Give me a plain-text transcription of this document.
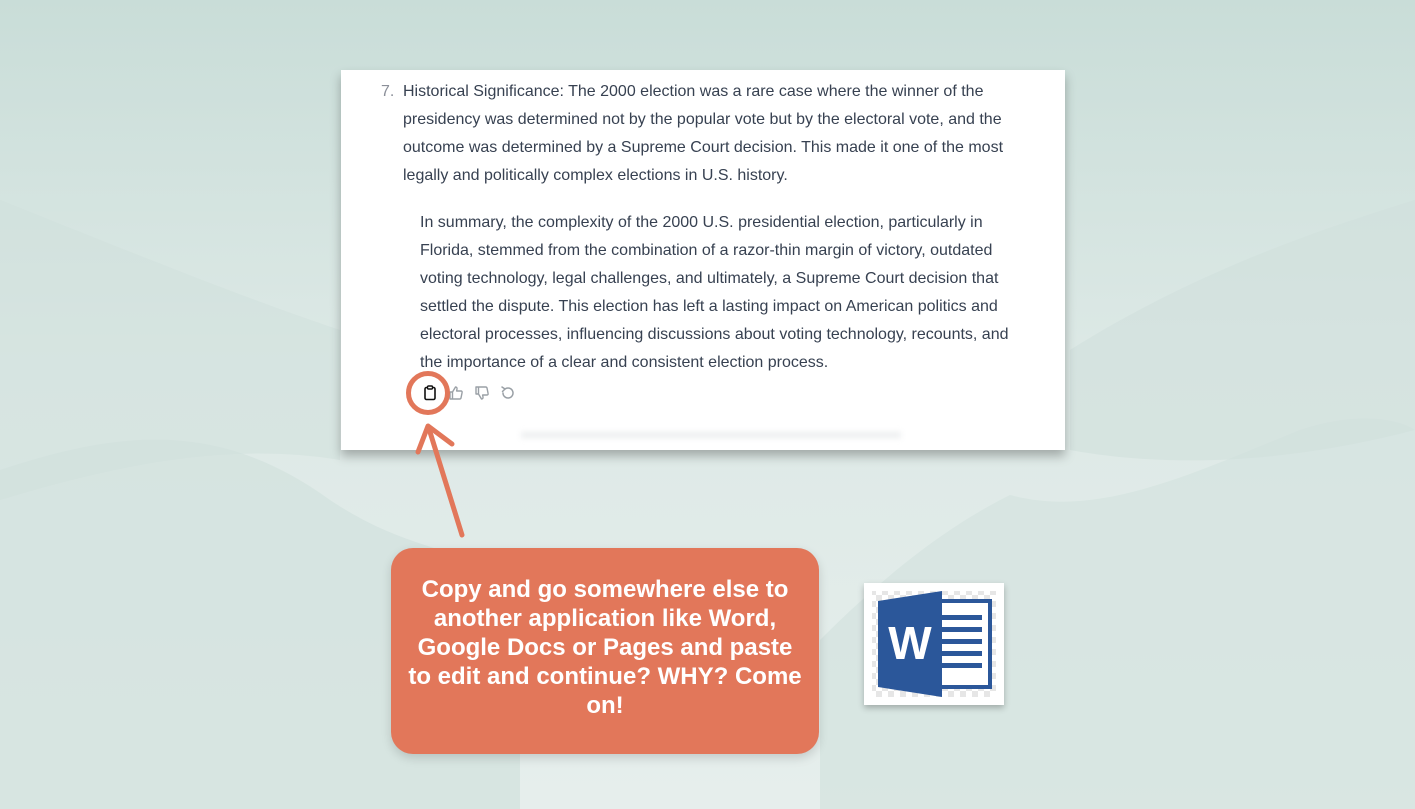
7. Historical Significance: The 2000 election was a rare case where the winner of the presidency was determined not by the popular vote but by the electoral vote, and the outcome was determined by a Supreme Court decision. This made it one of the most legally and politically complex elections in U.S. history.
In summary, the complexity of the 2000 U.S. presidential election, particularly in Florida, stemmed from the combination of a razor-thin margin of victory, outdated voting technology, legal challenges, and ultimately, a Supreme Court decision that settled the dispute. This election has left a lasting impact on American politics and electoral processes, influencing discussions about voting technology, recounts, and the importance of a clear and consistent election process.
Copy and go somewhere else to another application like Word, Google Docs or Pages and paste to edit and continue? WHY? Come on!
W
